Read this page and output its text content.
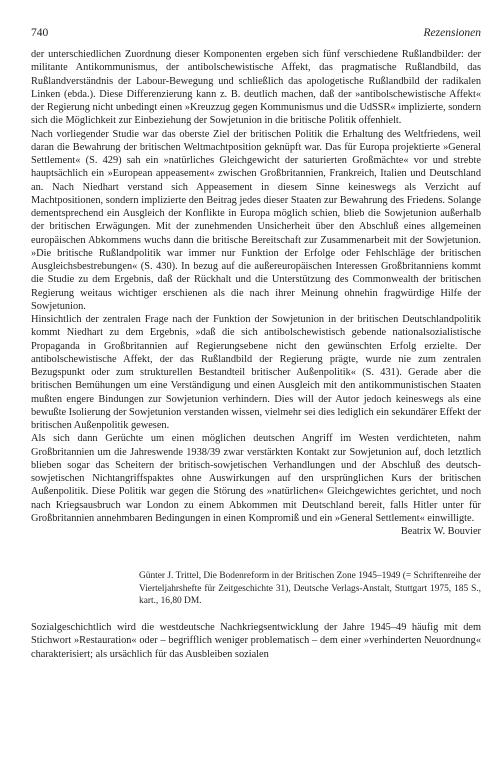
740	Rezensionen

der unterschiedlichen Zuordnung dieser Komponenten ergeben sich fünf verschiedene Rußlandbilder: der militante Antikommunismus, der antibolschewistische Affekt, das pragmatische Rußlandbild, das Rußlandverständnis der Labour-Bewegung und schließlich das apologetische Rußlandbild der radikalen Linken (ebda.). Diese Differenzierung kann z. B. deutlich machen, daß der »antibolschewistische Affekt« der Regierung nicht unbedingt einen »Kreuzzug gegen Kommunismus und die UdSSR« implizierte, sondern sich die Möglichkeit zur Einbeziehung der Sowjetunion in die britische Politik offenhielt.

Nach vorliegender Studie war das oberste Ziel der britischen Politik die Erhaltung des Weltfriedens, weil daran die Bewahrung der britischen Weltmachtposition geknüpft war. Das für Europa projektierte »General Settlement« (S. 429) sah ein »natürliches Gleichgewicht der saturierten Großmächte« vor und strebte hauptsächlich ein »European appeasement« zwischen Großbritannien, Frankreich, Italien und Deutschland an. Nach Niedhart verstand sich Appeasement in diesem Sinne keineswegs als Verzicht auf Machtpositionen, sondern implizierte den Beitrag jedes dieser Staaten zur Bewahrung des Friedens. Solange dementsprechend ein Ausgleich der Konflikte in Europa möglich schien, blieb die Sowjetunion außerhalb der britischen Erwägungen. Mit der zunehmenden Unsicherheit über den Abschluß eines allgemeinen europäischen Abkommens wuchs dann die britische Bereitschaft zur Zusammenarbeit mit der Sowjetunion. »Die britische Rußlandpolitik war immer nur Funktion der Erfolge oder Fehlschläge der britischen Ausgleichsbestrebungen« (S. 430). In bezug auf die außereuropäischen Interessen Großbritanniens kommt die Studie zu dem Ergebnis, daß der Rückhalt und die Unterstützung des Commonwealth der britischen Regierung weitaus wichtiger erschienen als die nach ihrer Meinung ohnehin fragwürdige Hilfe der Sowjetunion.

Hinsichtlich der zentralen Frage nach der Funktion der Sowjetunion in der britischen Deutschlandpolitik kommt Niedhart zu dem Ergebnis, »daß die sich antibolschewistisch gebende nationalsozialistische Propaganda in Großbritannien auf Regierungsebene nicht den gewünschten Erfolg erzielte. Der antibolschewistische Affekt, der das Rußlandbild der Regierung prägte, wurde nie zum zentralen Bezugspunkt oder zum strukturellen Bestandteil britischer Außenpolitik« (S. 431). Gerade aber die britischen Bemühungen um eine Verständigung und einen Ausgleich mit den antikommunistischen Staaten mußten engere Bindungen zur Sowjetunion verhindern. Dies will der Autor jedoch keineswegs als eine bewußte Isolierung der Sowjetunion verstanden wissen, vielmehr sei dies lediglich ein sekundärer Effekt der britischen Außenpolitik gewesen.

Als sich dann Gerüchte um einen möglichen deutschen Angriff im Westen verdichteten, nahm Großbritannien um die Jahreswende 1938/39 zwar verstärkten Kontakt zur Sowjetunion auf, doch letztlich blieben sogar das Scheitern der britisch-sowjetischen Verhandlungen und der Abschluß des deutsch-sowjetischen Nichtangriffspaktes ohne Auswirkungen auf den ursprünglichen Kurs der britischen Außenpolitik. Diese Politik war gegen die Störung des »natürlichen« Gleichgewichtes gerichtet, und noch nach Kriegsausbruch war London zu einem Abkommen mit Deutschland bereit, falls Hitler unter für Großbritannien annehmbaren Bedingungen in einen Kompromiß und ein »General Settlement« einwilligte.

Beatrix W. Bouvier

Günter J. Trittel, Die Bodenreform in der Britischen Zone 1945–1949 (= Schriftenreihe der Vierteljahrshefte für Zeitgeschichte 31), Deutsche Verlags-Anstalt, Stuttgart 1975, 185 S., kart., 16,80 DM.

Sozialgeschichtlich wird die westdeutsche Nachkriegsentwicklung der Jahre 1945–49 häufig mit dem Stichwort »Restauration« oder – begrifflich weniger problematisch – dem einer »verhinderten Neuordnung« charakterisiert; als ursächlich für das Ausbleiben sozialen
